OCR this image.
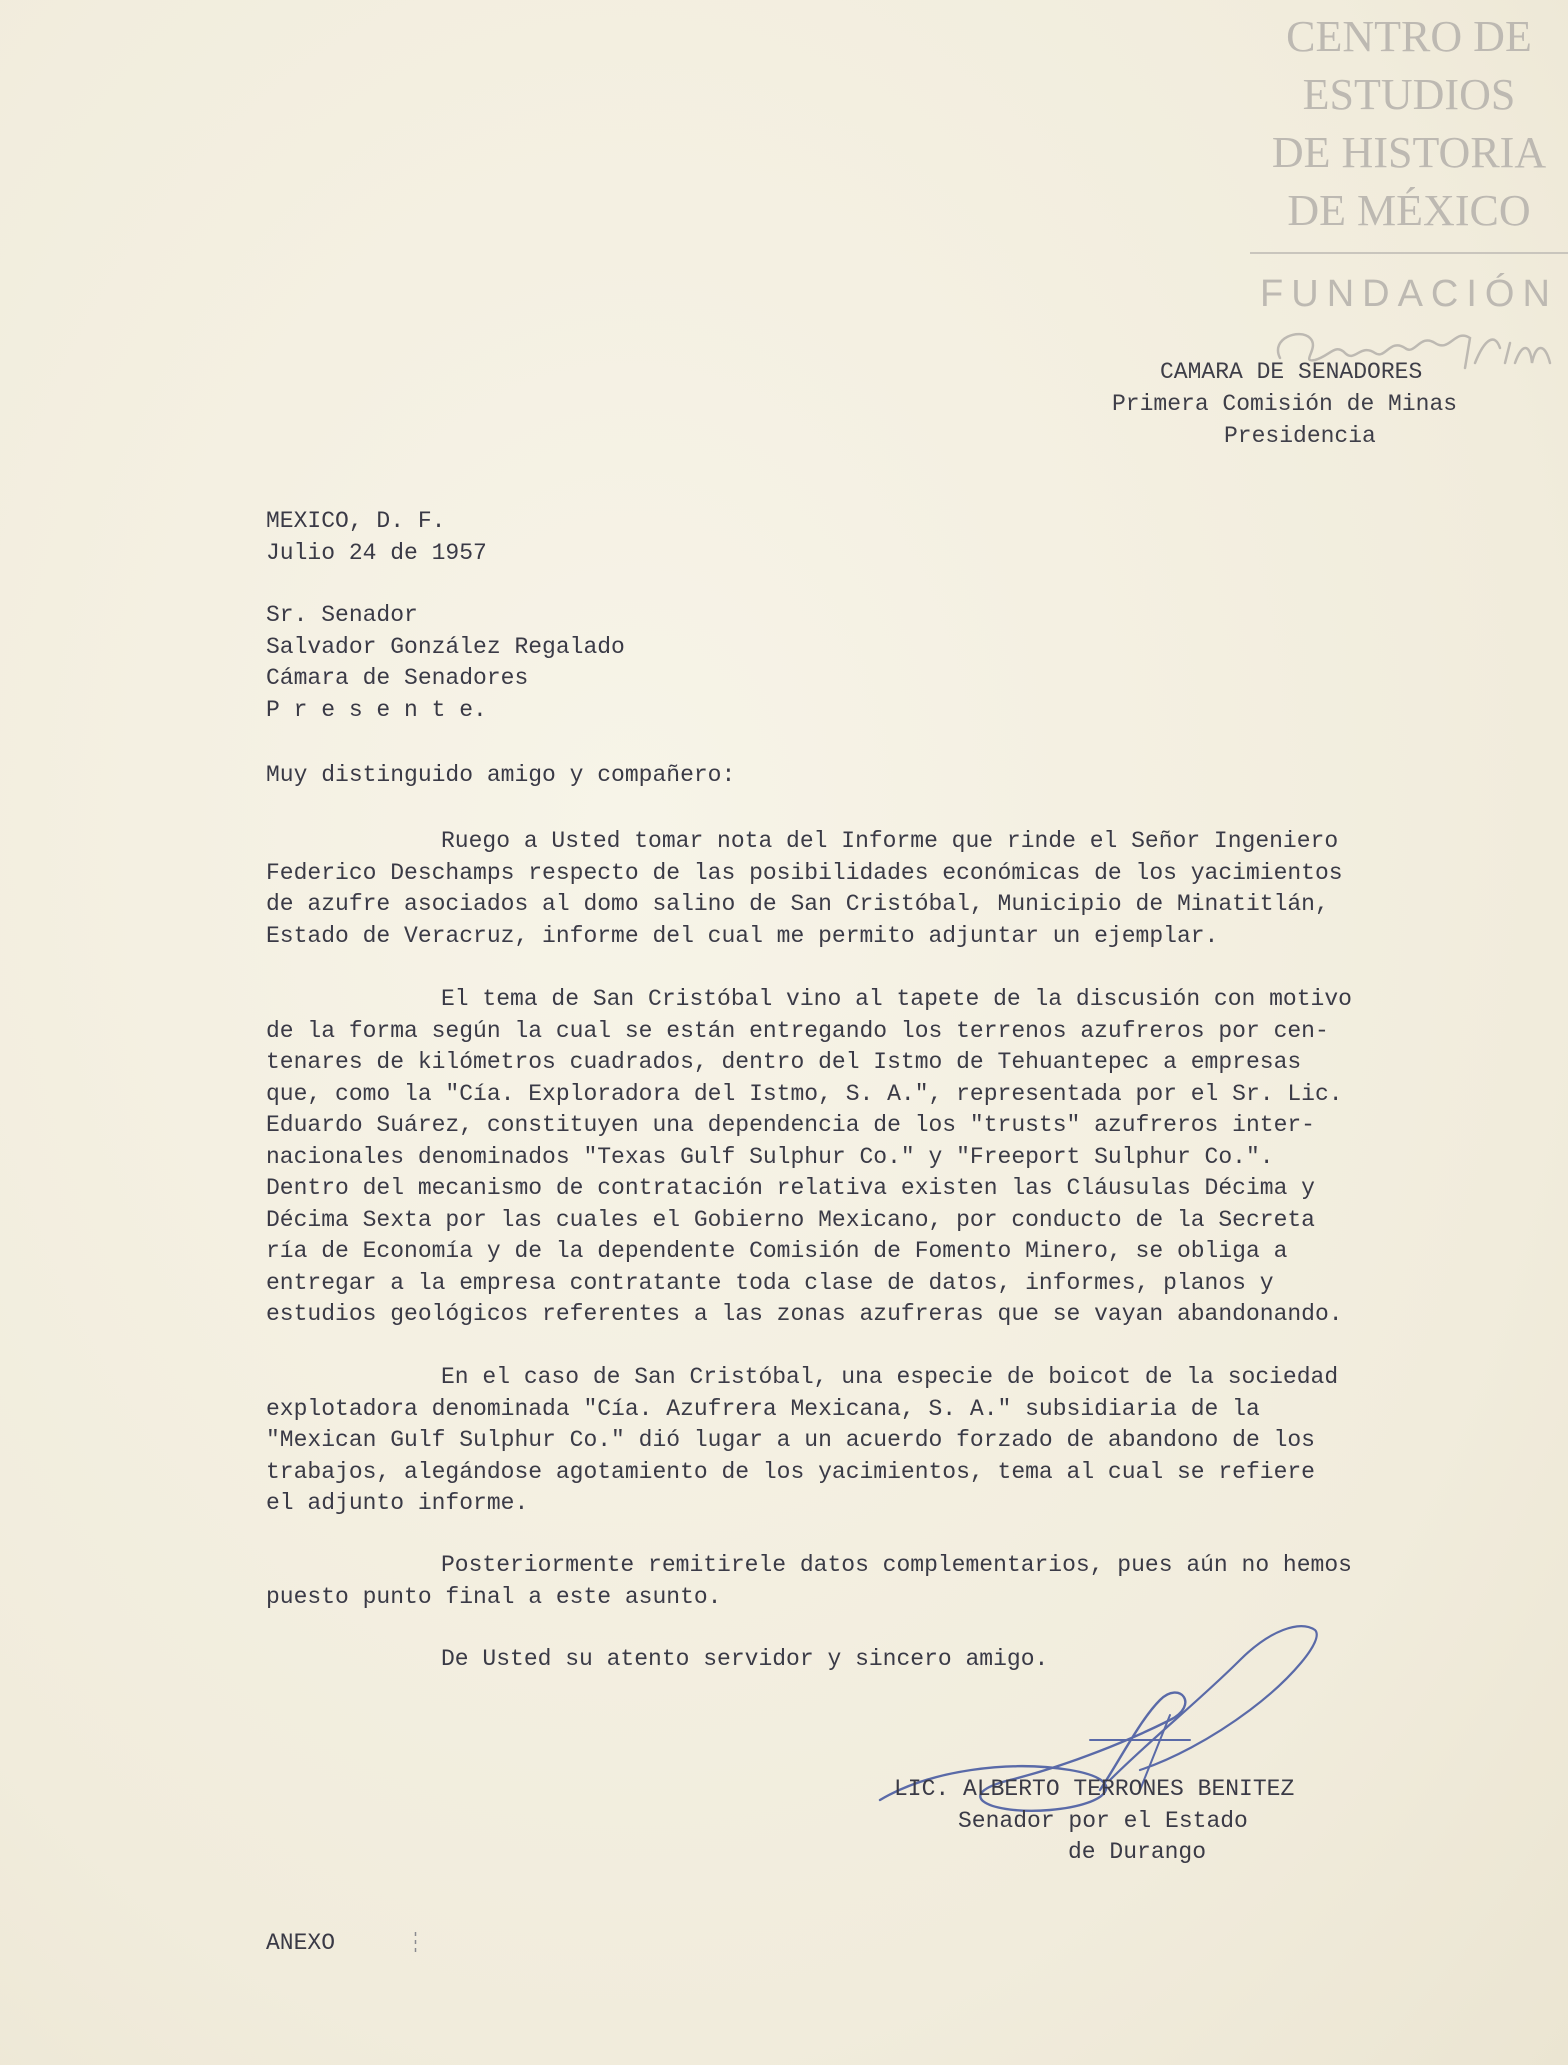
CENTRO DE
ESTUDIOS
DE HISTORIA
DE MÉXICO
FUNDACIÓN
CAMARA DE SENADORES
Primera Comisión de Minas
Presidencia
MEXICO, D. F.
Julio 24 de 1957
Sr. Senador
Salvador González Regalado
Cámara de Senadores
P r e s e n t e.
Muy distinguido amigo y compañero:
Ruego a Usted tomar nota del Informe que rinde el Señor Ingeniero
Federico Deschamps respecto de las posibilidades económicas de los yacimientos
de azufre asociados al domo salino de San Cristóbal, Municipio de Minatitlán,
Estado de Veracruz, informe del cual me permito adjuntar un ejemplar.
El tema de San Cristóbal vino al tapete de la discusión con motivo
de la forma según la cual se están entregando los terrenos azufreros por cen-
tenares de kilómetros cuadrados, dentro del Istmo de Tehuantepec a empresas
que, como la "Cía. Exploradora del Istmo, S. A.", representada por el Sr. Lic.
Eduardo Suárez, constituyen una dependencia de los "trusts" azufreros inter-
nacionales denominados "Texas Gulf Sulphur Co." y "Freeport Sulphur Co.".
Dentro del mecanismo de contratación relativa existen las Cláusulas Décima y
Décima Sexta por las cuales el Gobierno Mexicano, por conducto de la Secreta
ría de Economía y de la dependente Comisión de Fomento Minero, se obliga a
entregar a la empresa contratante toda clase de datos, informes, planos y
estudios geológicos referentes a las zonas azufreras que se vayan abandonando.
En el caso de San Cristóbal, una especie de boicot de la sociedad
explotadora denominada "Cía. Azufrera Mexicana, S. A." subsidiaria de la
"Mexican Gulf Sulphur Co." dió lugar a un acuerdo forzado de abandono de los
trabajos, alegándose agotamiento de los yacimientos, tema al cual se refiere
el adjunto informe.
Posteriormente remitirele datos complementarios, pues aún no hemos
puesto punto final a este asunto.
De Usted su atento servidor y sincero amigo.
LIC. ALBERTO TERRONES BENITEZ
Senador por el Estado
de Durango
ANEXO
